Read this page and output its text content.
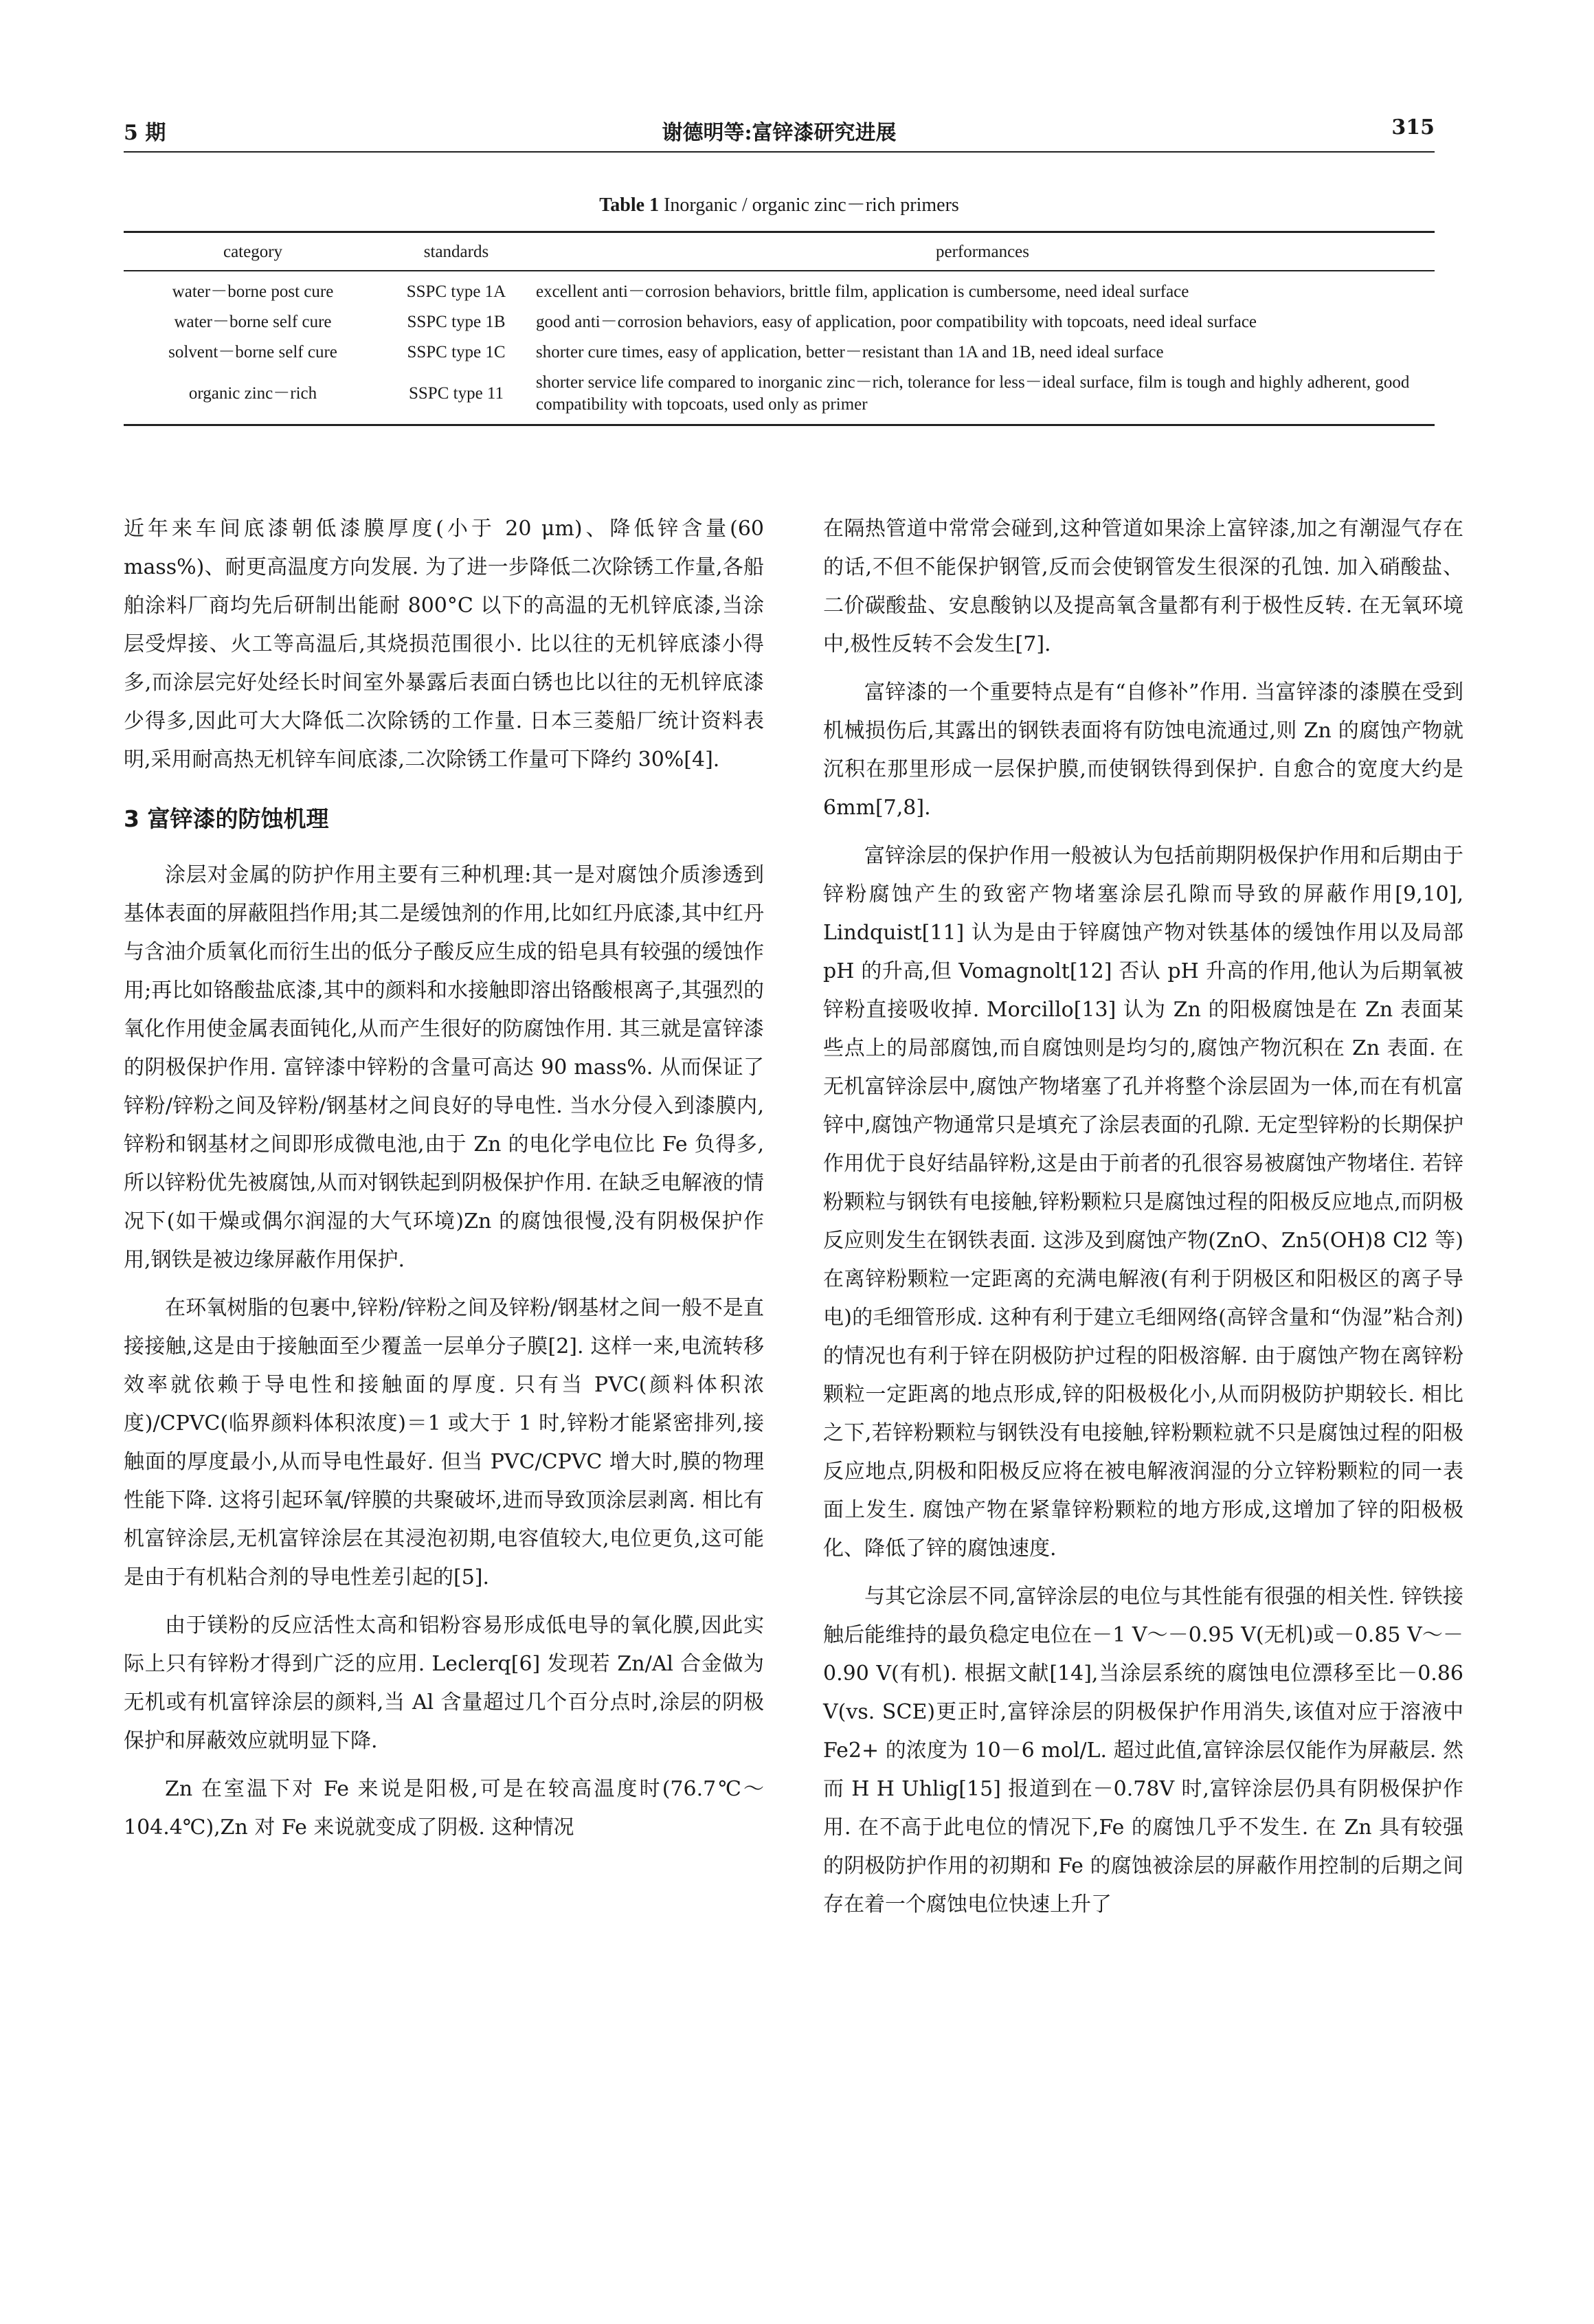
5 期	谢德明等:富锌漆研究进展	315
Table 1 Inorganic / organic zinc－rich primers
category	standards	performances
water－borne post cure	SSPC type 1A	excellent anti－corrosion behaviors, brittle film, application is cumbersome, need ideal surface
water－borne self cure	SSPC type 1B	good anti－corrosion behaviors, easy of application, poor compatibility with topcoats, need ideal surface
solvent－borne self cure	SSPC type 1C	shorter cure times, easy of application, better－resistant than 1A and 1B, need ideal surface
organic zinc－rich	SSPC type 11	shorter service life compared to inorganic zinc－rich, tolerance for less－ideal surface, film is tough and highly adherent, good compatibility with topcoats, used only as primer

近年来车间底漆朝低漆膜厚度(小于 20 μm)、降低锌含量(60 mass%)、耐更高温度方向发展. 为了进一步降低二次除锈工作量,各船舶涂料厂商均先后研制出能耐 800°C 以下的高温的无机锌底漆,当涂层受焊接、火工等高温后,其烧损范围很小. 比以往的无机锌底漆小得多,而涂层完好处经长时间室外暴露后表面白锈也比以往的无机锌底漆少得多,因此可大大降低二次除锈的工作量. 日本三菱船厂统计资料表明,采用耐高热无机锌车间底漆,二次除锈工作量可下降约 30%[4].

3 富锌漆的防蚀机理

涂层对金属的防护作用主要有三种机理:其一是对腐蚀介质渗透到基体表面的屏蔽阻挡作用;其二是缓蚀剂的作用,比如红丹底漆,其中红丹与含油介质氧化而衍生出的低分子酸反应生成的铅皂具有较强的缓蚀作用;再比如铬酸盐底漆,其中的颜料和水接触即溶出铬酸根离子,其强烈的氧化作用使金属表面钝化,从而产生很好的防腐蚀作用. 其三就是富锌漆的阴极保护作用. 富锌漆中锌粉的含量可高达 90 mass%. 从而保证了锌粉/锌粉之间及锌粉/钢基材之间良好的导电性. 当水分侵入到漆膜内,锌粉和钢基材之间即形成微电池,由于 Zn 的电化学电位比 Fe 负得多,所以锌粉优先被腐蚀,从而对钢铁起到阴极保护作用. 在缺乏电解液的情况下(如干燥或偶尔润湿的大气环境)Zn 的腐蚀很慢,没有阴极保护作用,钢铁是被边缘屏蔽作用保护.

在环氧树脂的包裹中,锌粉/锌粉之间及锌粉/钢基材之间一般不是直接接触,这是由于接触面至少覆盖一层单分子膜[2]. 这样一来,电流转移效率就依赖于导电性和接触面的厚度. 只有当 PVC(颜料体积浓度)/CPVC(临界颜料体积浓度)＝1 或大于 1 时,锌粉才能紧密排列,接触面的厚度最小,从而导电性最好. 但当 PVC/CPVC 增大时,膜的物理性能下降. 这将引起环氧/锌膜的共聚破坏,进而导致顶涂层剥离. 相比有机富锌涂层,无机富锌涂层在其浸泡初期,电容值较大,电位更负,这可能是由于有机粘合剂的导电性差引起的[5].

由于镁粉的反应活性太高和铝粉容易形成低电导的氧化膜,因此实际上只有锌粉才得到广泛的应用. Leclerq[6] 发现若 Zn/Al 合金做为无机或有机富锌涂层的颜料,当 Al 含量超过几个百分点时,涂层的阴极保护和屏蔽效应就明显下降.

Zn 在室温下对 Fe 来说是阳极,可是在较高温度时(76.7℃～104.4℃),Zn 对 Fe 来说就变成了阴极. 这种情况

在隔热管道中常常会碰到,这种管道如果涂上富锌漆,加之有潮湿气存在的话,不但不能保护钢管,反而会使钢管发生很深的孔蚀. 加入硝酸盐、二价碳酸盐、安息酸钠以及提高氧含量都有利于极性反转. 在无氧环境中,极性反转不会发生[7].

富锌漆的一个重要特点是有“自修补”作用. 当富锌漆的漆膜在受到机械损伤后,其露出的钢铁表面将有防蚀电流通过,则 Zn 的腐蚀产物就沉积在那里形成一层保护膜,而使钢铁得到保护. 自愈合的宽度大约是 6mm[7,8].

富锌涂层的保护作用一般被认为包括前期阴极保护作用和后期由于锌粉腐蚀产生的致密产物堵塞涂层孔隙而导致的屏蔽作用[9,10], Lindquist[11] 认为是由于锌腐蚀产物对铁基体的缓蚀作用以及局部 pH 的升高,但 Vomagnolt[12] 否认 pH 升高的作用,他认为后期氧被锌粉直接吸收掉. Morcillo[13] 认为 Zn 的阳极腐蚀是在 Zn 表面某些点上的局部腐蚀,而自腐蚀则是均匀的,腐蚀产物沉积在 Zn 表面. 在无机富锌涂层中,腐蚀产物堵塞了孔并将整个涂层固为一体,而在有机富锌中,腐蚀产物通常只是填充了涂层表面的孔隙. 无定型锌粉的长期保护作用优于良好结晶锌粉,这是由于前者的孔很容易被腐蚀产物堵住. 若锌粉颗粒与钢铁有电接触,锌粉颗粒只是腐蚀过程的阳极反应地点,而阴极反应则发生在钢铁表面. 这涉及到腐蚀产物(ZnO、Zn5(OH)8 Cl2 等)在离锌粉颗粒一定距离的充满电解液(有利于阴极区和阳极区的离子导电)的毛细管形成. 这种有利于建立毛细网络(高锌含量和“伪湿”粘合剂)的情况也有利于锌在阴极防护过程的阳极溶解. 由于腐蚀产物在离锌粉颗粒一定距离的地点形成,锌的阳极极化小,从而阴极防护期较长. 相比之下,若锌粉颗粒与钢铁没有电接触,锌粉颗粒就不只是腐蚀过程的阳极反应地点,阴极和阳极反应将在被电解液润湿的分立锌粉颗粒的同一表面上发生. 腐蚀产物在紧靠锌粉颗粒的地方形成,这增加了锌的阳极极化、降低了锌的腐蚀速度.

与其它涂层不同,富锌涂层的电位与其性能有很强的相关性. 锌铁接触后能维持的最负稳定电位在－1 V～－0.95 V(无机)或－0.85 V～－0.90 V(有机). 根据文献[14],当涂层系统的腐蚀电位漂移至比－0.86 V(vs. SCE)更正时,富锌涂层的阴极保护作用消失,该值对应于溶液中 Fe2+ 的浓度为 10－6 mol/L. 超过此值,富锌涂层仅能作为屏蔽层. 然而 H H Uhlig[15] 报道到在－0.78V 时,富锌涂层仍具有阴极保护作用. 在不高于此电位的情况下,Fe 的腐蚀几乎不发生. 在 Zn 具有较强的阴极防护作用的初期和 Fe 的腐蚀被涂层的屏蔽作用控制的后期之间存在着一个腐蚀电位快速上升了
